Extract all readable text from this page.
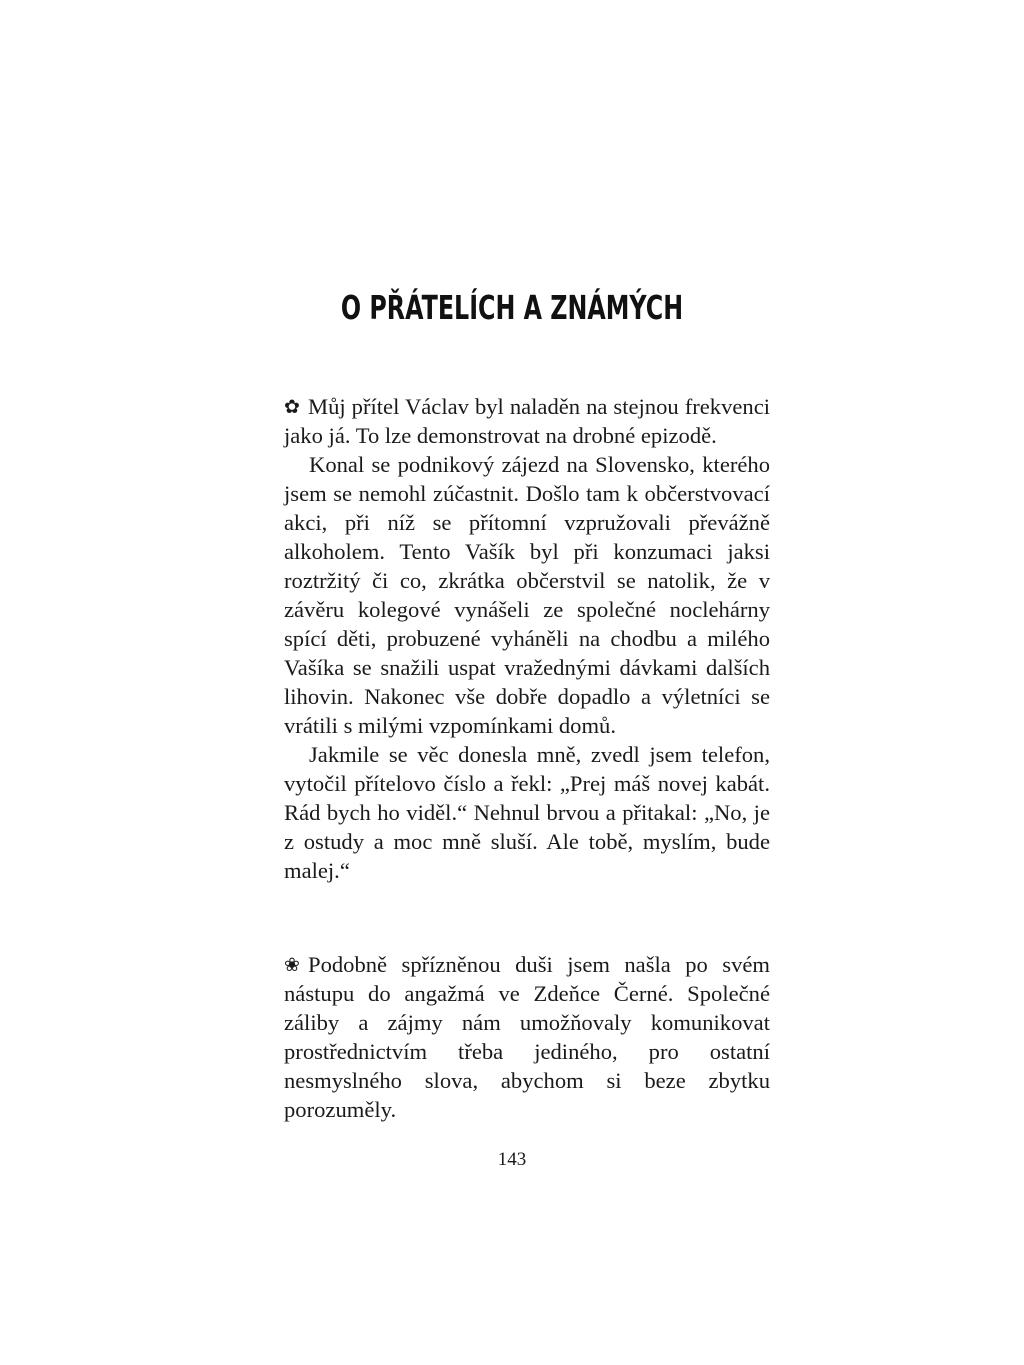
O PŘÁTELÍCH A ZNÁMÝCH

✿ Můj přítel Václav byl naladěn na stejnou frekvenci jako já. To lze demonstrovat na drobné epizodě.

Konal se podnikový zájezd na Slovensko, kterého jsem se nemohl zúčastnit. Došlo tam k občerstvovací akci, při níž se přítomní vzpružovali převážně alkoholem. Tento Vašík byl při konzumaci jaksi roztržitý či co, zkrátka občerstvil se natolik, že v závěru kolegové vynášeli ze společné noclehárny spící děti, probuzené vyháněli na chodbu a milého Vašíka se snažili uspat vražednými dávkami dalších lihovin. Nakonec vše dobře dopadlo a výletníci se vrátili s milými vzpomínkami domů.

Jakmile se věc donesla mně, zvedl jsem telefon, vytočil přítelovo číslo a řekl: „Prej máš novej kabát. Rád bych ho viděl.“ Nehnul brvou a přitakal: „No, je z ostudy a moc mně sluší. Ale tobě, myslím, bude malej.“

❀ Podobně spřízněnou duši jsem našla po svém nástupu do angažmá ve Zdeňce Černé. Společné záliby a zájmy nám umožňovaly komunikovat prostřednictvím třeba jediného, pro ostatní nesmyslného slova, abychom si beze zbytku porozuměly.

143
